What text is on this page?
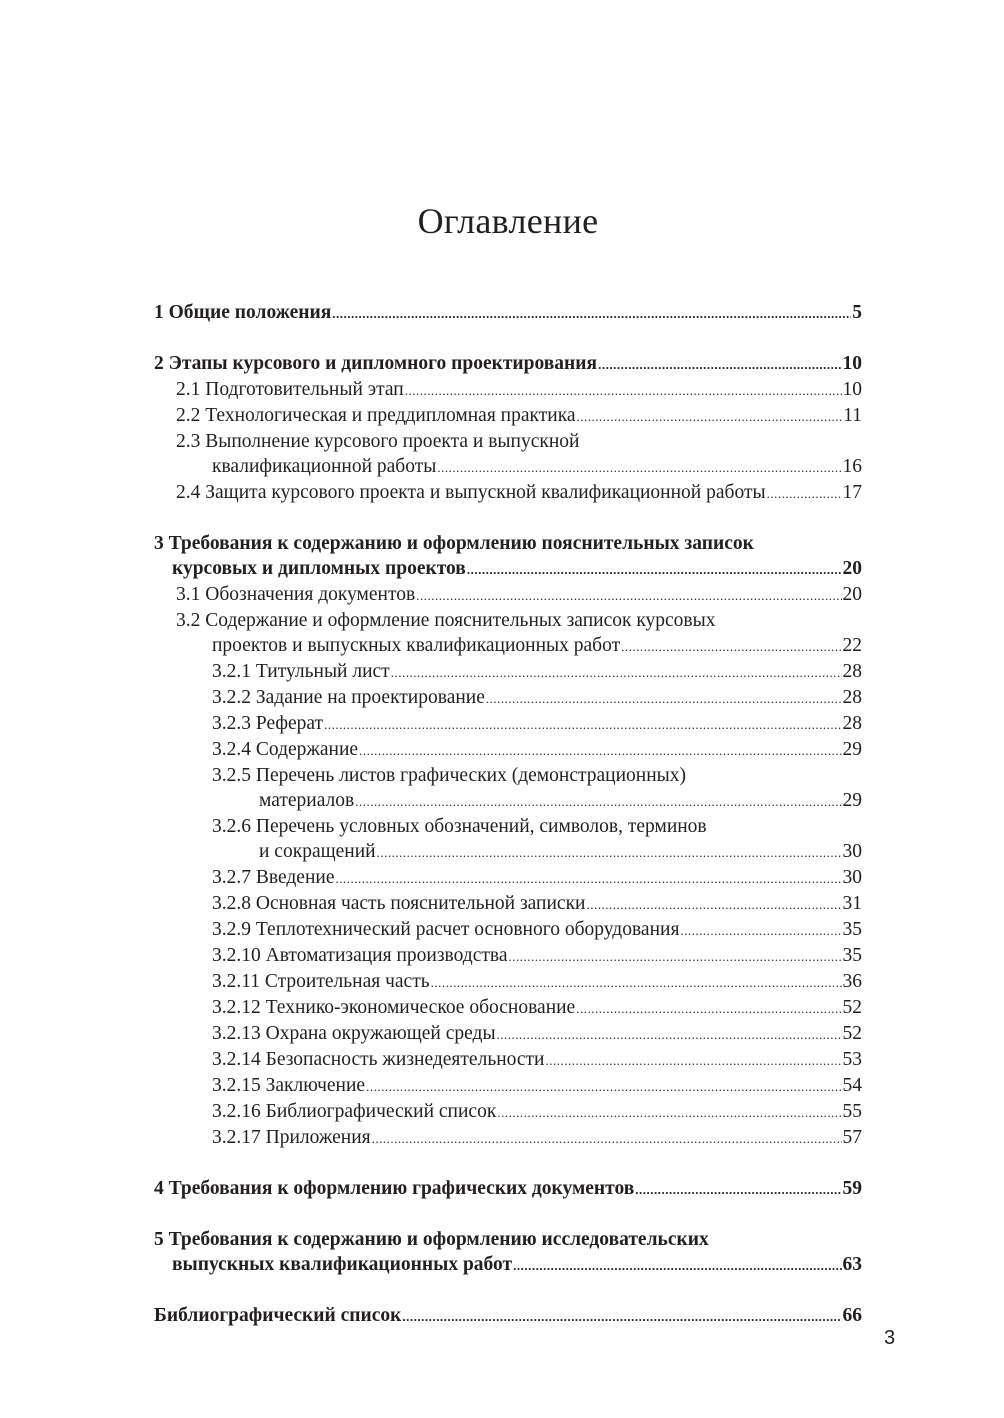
Оглавление
1 Общие положения .....	5
2 Этапы курсового и дипломного проектирования .....	10
2.1 Подготовительный этап .....	10
2.2 Технологическая и преддипломная практика .....	11
2.3 Выполнение курсового проекта и выпускной
квалификационной работы .....	16
2.4 Защита курсового проекта и выпускной квалификационной работы .....	17
3 Требования к содержанию и оформлению пояснительных записок
курсовых и дипломных проектов .....	20
3.1 Обозначения документов .....	20
3.2 Содержание и оформление пояснительных записок курсовых
проектов и выпускных квалификационных работ .....	22
3.2.1 Титульный лист .....	28
3.2.2 Задание на проектирование .....	28
3.2.3 Реферат .....	28
3.2.4 Содержание .....	29
3.2.5 Перечень листов графических (демонстрационных)
материалов .....	29
3.2.6 Перечень условных обозначений, символов, терминов
и сокращений .....	30
3.2.7 Введение .....	30
3.2.8 Основная часть пояснительной записки .....	31
3.2.9 Теплотехнический расчет основного оборудования .....	35
3.2.10 Автоматизация производства .....	35
3.2.11 Строительная часть .....	36
3.2.12 Технико-экономическое обоснование .....	52
3.2.13 Охрана окружающей среды .....	52
3.2.14 Безопасность жизнедеятельности .....	53
3.2.15 Заключение .....	54
3.2.16 Библиографический список .....	55
3.2.17 Приложения .....	57
4 Требования к оформлению графических документов .....	59
5 Требования к содержанию и оформлению исследовательских
выпускных квалификационных работ .....	63
Библиографический список .....	66
3
